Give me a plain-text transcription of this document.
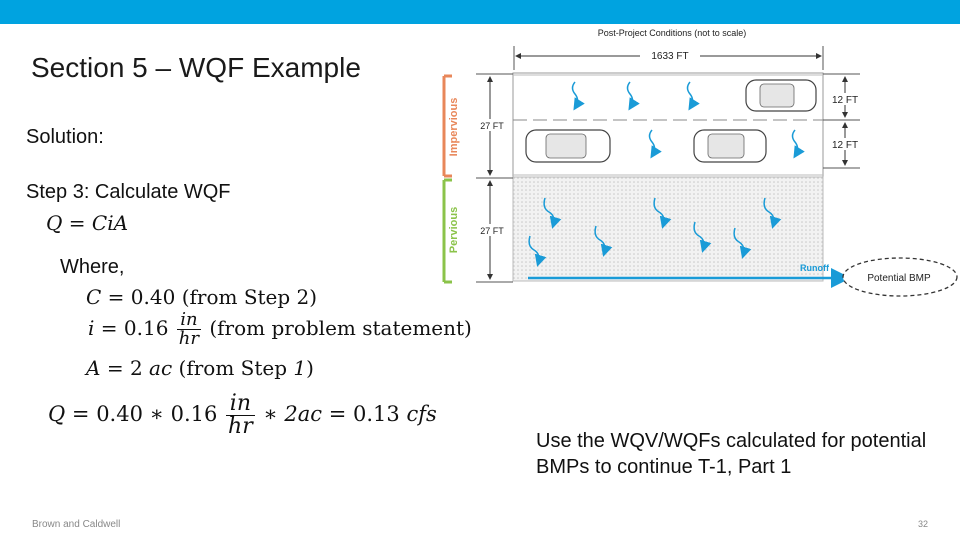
Section 5 – WQF Example
Solution:
Step 3: Calculate WQF
Q = CiA
Where,
C = 0.40 (from Step 2)
$i = 0.16 \frac{in}{hr}$ (from problem statement)
A = 2 ac (from Step 1)
Q = 0.40 ∗ $0.16 \frac{in}{hr}$ ∗ 2ac = 0.13 cfs
Post-Project Conditions (not to scale)
1633 FT
Runoff
Potential BMP
27 FT
27 FT
Impervious
Pervious
12 FT
12 FT
Use the WQV/WQFs calculated for potential BMPs to continue T-1, Part 1
Brown and Caldwell	32
